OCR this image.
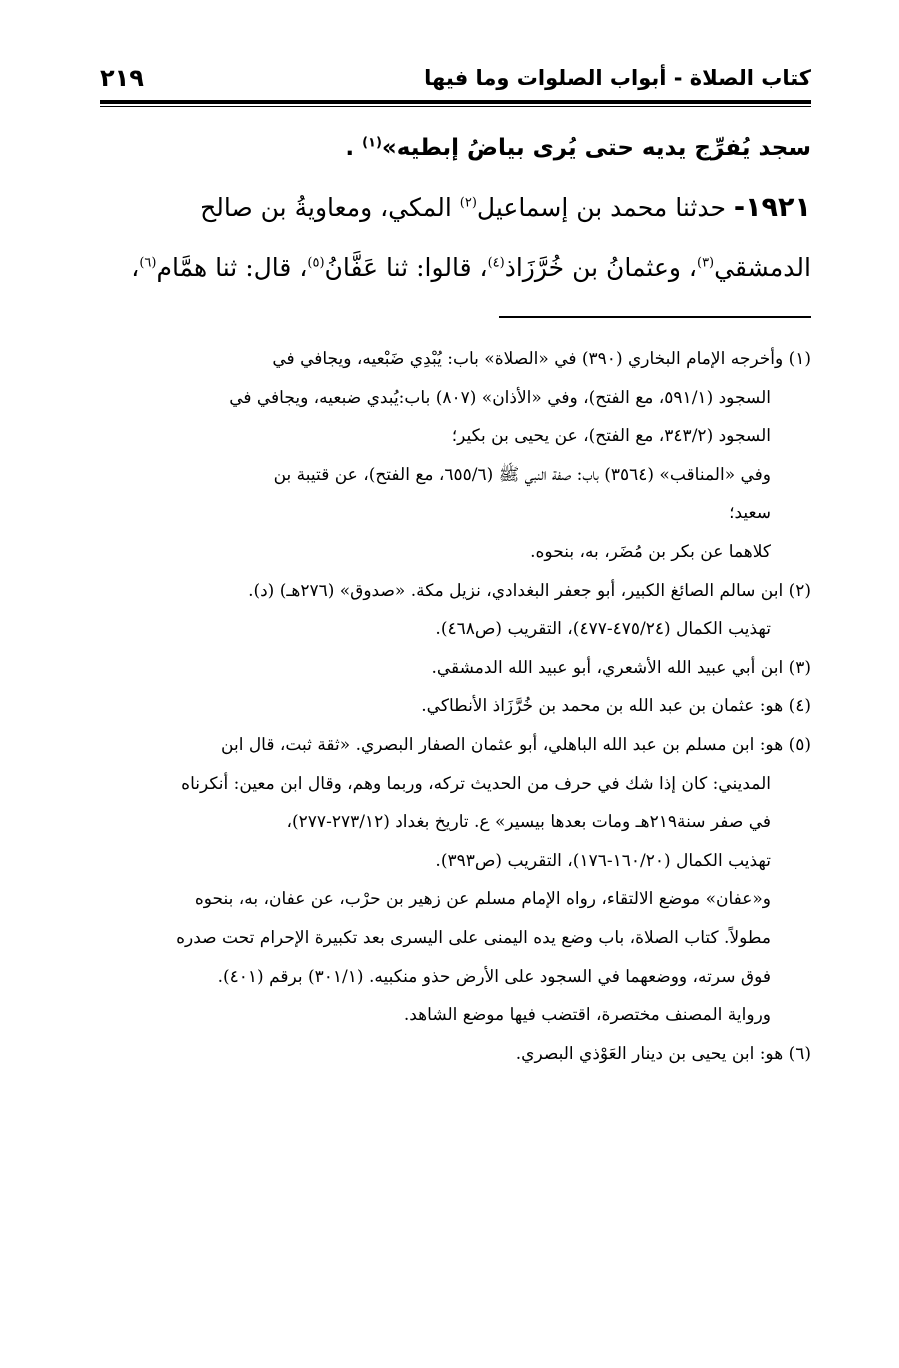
كتاب الصلاة - أبواب الصلوات وما فيها
٢١٩
سجد يُفرِّج يديه حتى يُرى بياضُ إبطيه»$^{(١)}$ .
١٩٢١- حدثنا محمد بن إسماعيل$^{(٢)}$ المكي، ومعاويةُ بن صالح
الدمشقي$^{(٣)}$، وعثمانُ بن خُرَّزَاذ$^{(٤)}$، قالوا: ثنا عَفَّانُ$^{(٥)}$، قال: ثنا همَّام$^{(٦)}$،
(١) وأخرجه الإمام البخاري (٣٩٠) في «الصلاة» باب: يُبْدِي ضَبْعيه، ويجافي في
السجود (٥٩١/١، مع الفتح)، وفي «الأذان» (٨٠٧) باب:يُبدي ضبعيه، ويجافي في
السجود (٣٤٣/٢، مع الفتح)، عن يحيى بن بكير؛
وفي «المناقب» (٣٥٦٤) باب: صفة النبي ﷺ (٦٥٥/٦، مع الفتح)، عن قتيبة بن
سعيد؛
كلاهما عن بكر بن مُضَر، به، بنحوه.
(٢) ابن سالم الصائغ الكبير، أبو جعفر البغدادي، نزيل مكة. «صدوق» (٢٧٦هـ) (د).
تهذيب الكمال (٤٧٥/٢٤-٤٧٧)، التقريب (ص٤٦٨).
(٣) ابن أبي عبيد الله الأشعري، أبو عبيد الله الدمشقي.
(٤) هو: عثمان بن عبد الله بن محمد بن خُرَّزَاذ الأنطاكي.
(٥) هو: ابن مسلم بن عبد الله الباهلي، أبو عثمان الصفار البصري. «ثقة ثبت، قال ابن
المديني: كان إذا شك في حرف من الحديث تركه، وربما وهم، وقال ابن معين: أنكرناه
في صفر سنة٢١٩هـ ومات بعدها بيسير» ع. تاريخ بغداد (٢٧٣/١٢-٢٧٧)،
تهذيب الكمال (١٦٠/٢٠-١٧٦)، التقريب (ص٣٩٣).
و«عفان» موضع الالتقاء، رواه الإمام مسلم عن زهير بن حرْب، عن عفان، به، بنحوه
مطولاً. كتاب الصلاة، باب وضع يده اليمنى على اليسرى بعد تكبيرة الإحرام تحت صدره
فوق سرته، ووضعهما في السجود على الأرض حذو منكبيه. (٣٠١/١) برقم (٤٠١).
ورواية المصنف مختصرة، اقتضب فيها موضع الشاهد.
(٦) هو: ابن يحيى بن دينار العَوْذي البصري.
